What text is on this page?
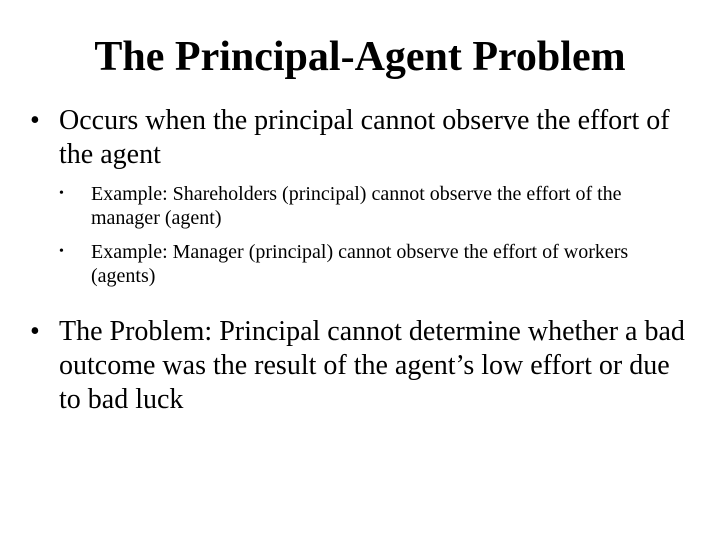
The Principal-Agent Problem
• Occurs when the principal cannot observe the effort of the agent
• Example: Shareholders (principal) cannot observe the effort of the manager (agent)
• Example: Manager (principal) cannot observe the effort of workers (agents)
• The Problem: Principal cannot determine whether a bad outcome was the result of the agent’s low effort or due to bad luck
